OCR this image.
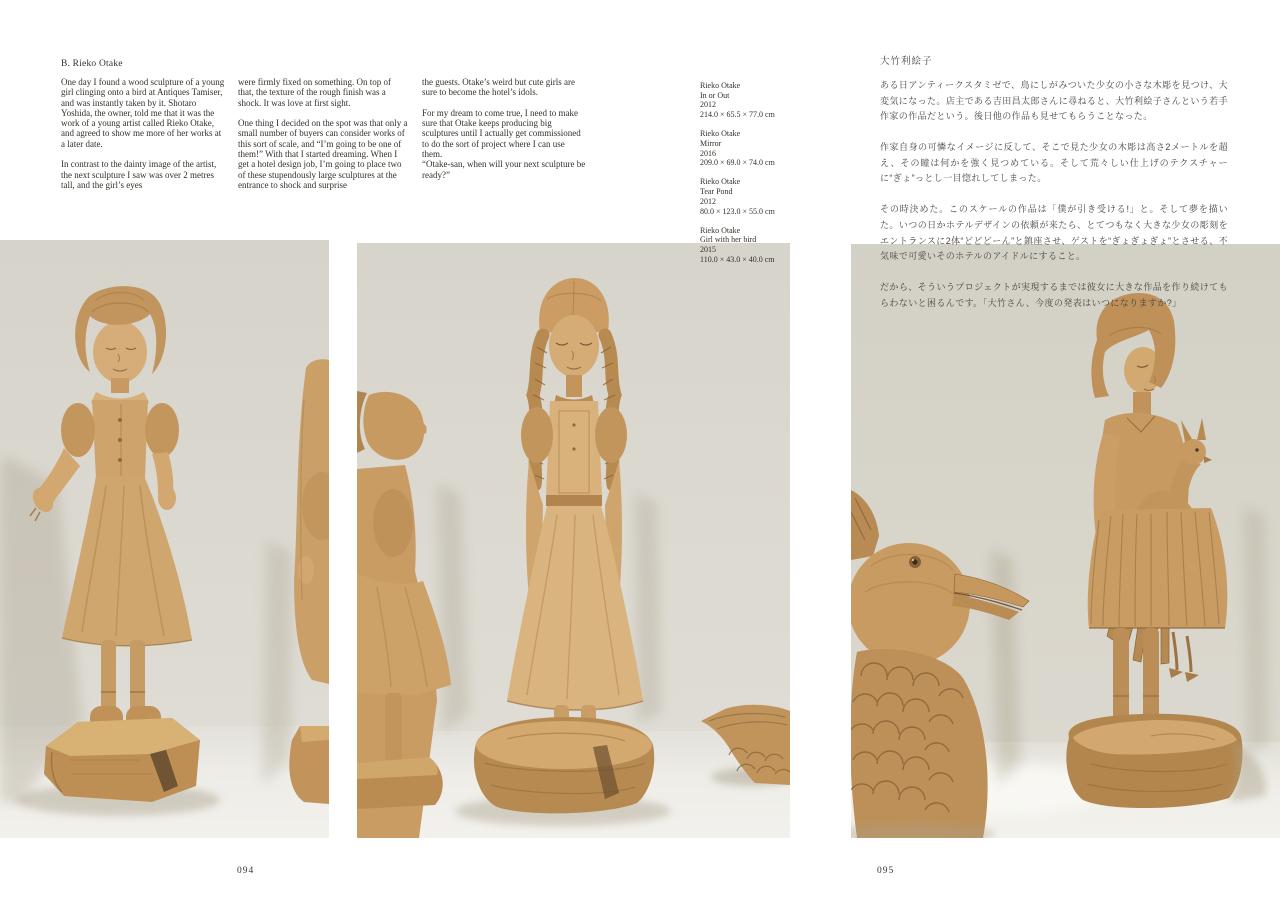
B. Rieko Otake

One day I found a wood sculpture of a young girl clinging onto a bird at Antiques Tamiser, and was instantly taken by it. Shotaro Yoshida, the owner, told me that it was the work of a young artist called Rieko Otake, and agreed to show me more of her works at a later date.

In contrast to the dainty image of the artist, the next sculpture I saw was over 2 metres tall, and the girl’s eyes

were firmly fixed on something. On top of that, the texture of the rough finish was a shock. It was love at first sight.

One thing I decided on the spot was that only a small number of buyers can consider works of this sort of scale, and “I’m going to be one of them!” With that I started dreaming. When I get a hotel design job, I’m going to place two of these stupendously large sculptures at the entrance to shock and surprise

the guests. Otake’s weird but cute girls are sure to become the hotel’s idols.

For my dream to come true, I need to make sure that Otake keeps producing big sculptures until I actually get commissioned to do the sort of project where I can use them.

“Otake-san, when will your next sculpture be ready?”

Rieko Otake
In or Out
2012
214.0 × 65.5 × 77.0 cm
Rieko Otake
Mirror
2016
209.0 × 69.0 × 74.0 cm
Rieko Otake
Tear Pond
2012
80.0 × 123.0 × 55.0 cm
Rieko Otake
Girl with her bird
2015
110.0 × 43.0 × 40.0 cm
大竹利絵子

ある日アンティークスタミゼで、鳥にしがみついた少女の小さな木彫を見つけ、大変気になった。店主である吉田昌太郎さんに尋ねると、大竹利絵子さんという若手作家の作品だという。後日他の作品も見せてもらうことなった。

作家自身の可憐なイメージに反して、そこで見た少女の木彫は高さ2メートルを超え、その瞳は何かを強く見つめている。そして荒々しい仕上げのテクスチャーに“ぎょ”っとし一目惚れしてしまった。

その時決めた。このスケールの作品は「僕が引き受ける!」と。そして夢を描いた。いつの日かホテルデザインの依頼が来たら、とてつもなく大きな少女の彫刻をエントランスに2体“どどどーん”と鎮座させ、ゲストを“ぎょぎょぎょ”とさせる、不気味で可愛いそのホテルのアイドルにすること。

だから、そういうプロジェクトが実現するまでは彼女に大きな作品を作り続けてもらわないと困るんです。「大竹さん、今度の発表はいつになりますか?」

094	095
